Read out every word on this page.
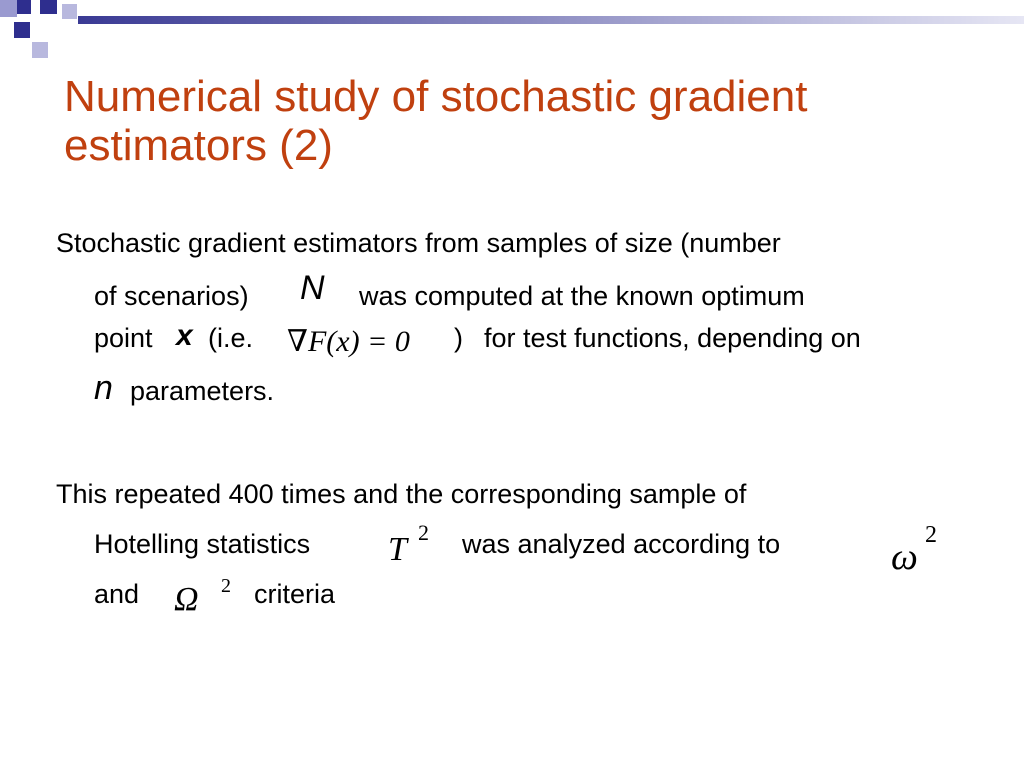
Numerical study of stochastic gradient estimators (2)
Stochastic gradient estimators from samples of size (number
of scenarios) N was computed at the known optimum
point x (i.e. ∇F(x) = 0 ) for test functions, depending on
n parameters.
This repeated 400 times and the corresponding sample of
Hotelling statistics T 2 was analyzed according to	ω
2
and Ω 2 criteria
